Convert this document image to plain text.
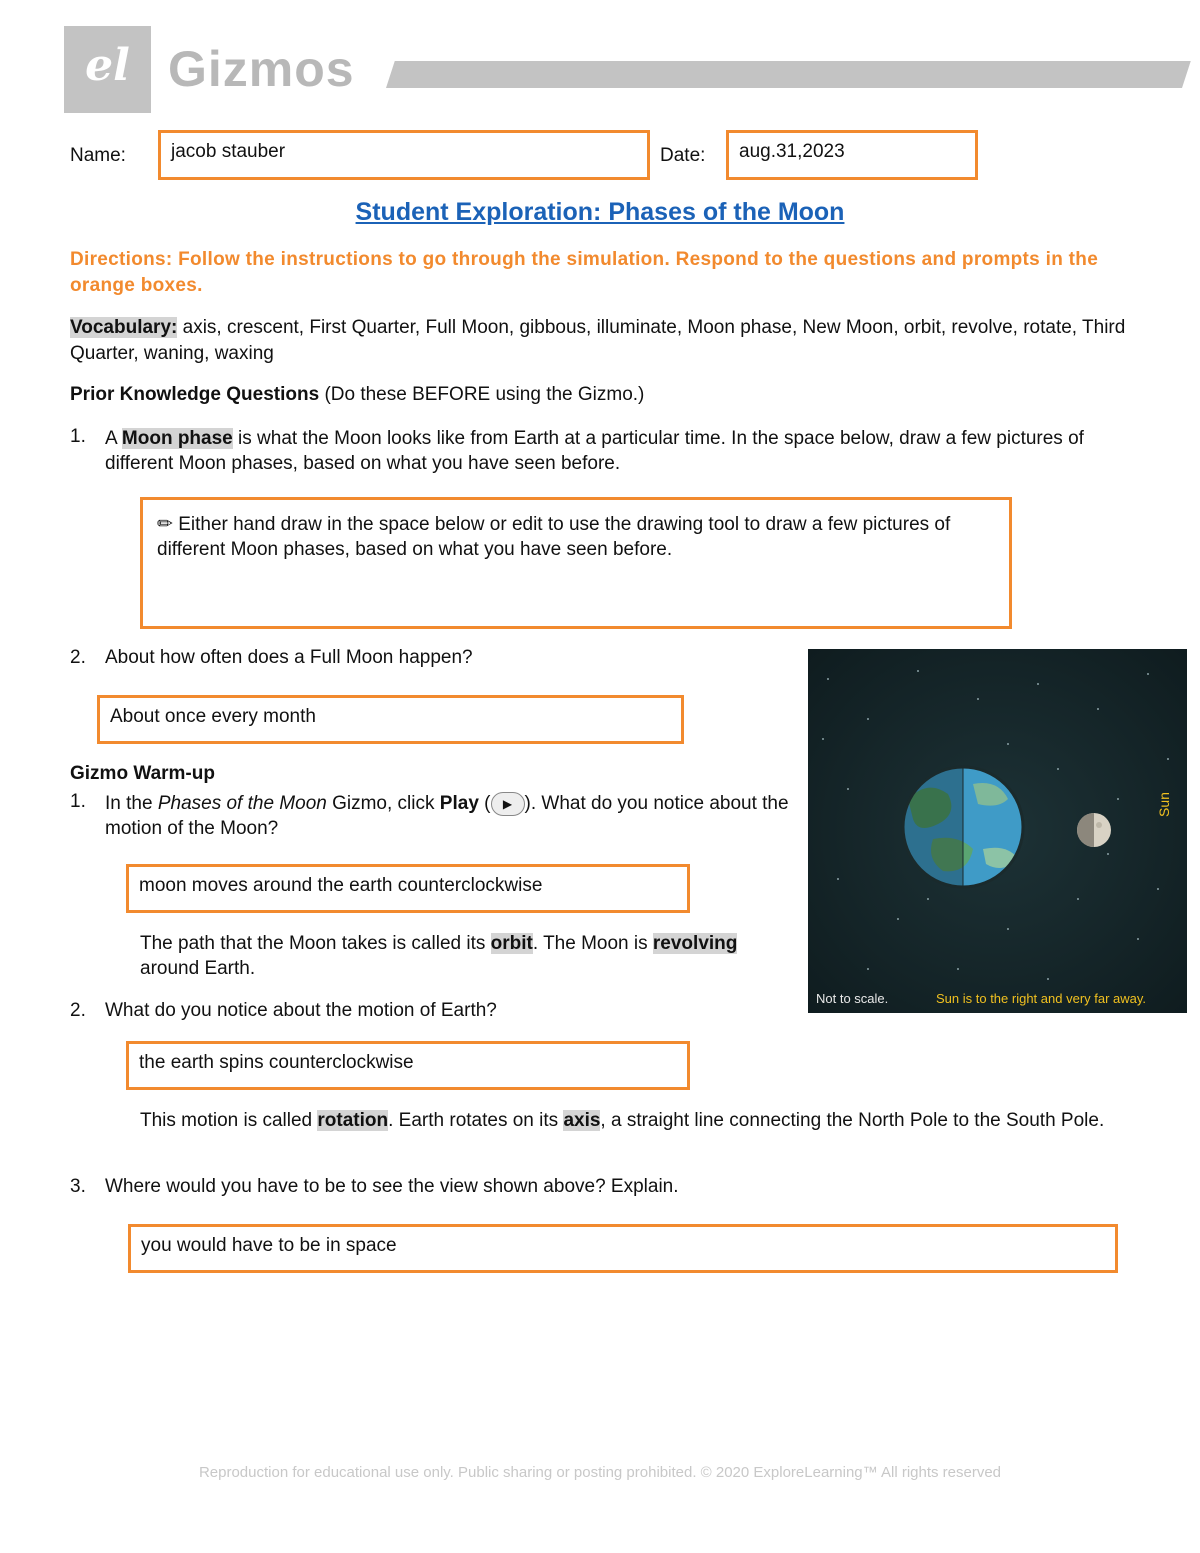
el Gizmos
Name:	jacob stauber	Date:	aug.31,2023
Student Exploration: Phases of the Moon
Directions: Follow the instructions to go through the simulation. Respond to the questions and prompts in the orange boxes.
Vocabulary: axis, crescent, First Quarter, Full Moon, gibbous, illuminate, Moon phase, New Moon, orbit, revolve, rotate, Third Quarter, waning, waxing
Prior Knowledge Questions (Do these BEFORE using the Gizmo.)
1. A Moon phase is what the Moon looks like from Earth at a particular time. In the space below, draw a few pictures of different Moon phases, based on what you have seen before.
✏ Either hand draw in the space below or edit to use the drawing tool to draw a few pictures of different Moon phases, based on what you have seen before.
2. About how often does a Full Moon happen?
About once every month
Gizmo Warm-up
1. In the Phases of the Moon Gizmo, click Play ( ▶ ). What do you notice about the motion of the Moon?
moon moves around the earth counterclockwise
The path that the Moon takes is called its orbit. The Moon is revolving around Earth.
2. What do you notice about the motion of Earth?
the earth spins counterclockwise
This motion is called rotation. Earth rotates on its axis, a straight line connecting the North Pole to the South Pole.
3. Where would you have to be to see the view shown above? Explain.
you would have to be in space
Sun
Not to scale.	Sun is to the right and very far away.
Reproduction for educational use only. Public sharing or posting prohibited. © 2020 ExploreLearning™ All rights reserved
